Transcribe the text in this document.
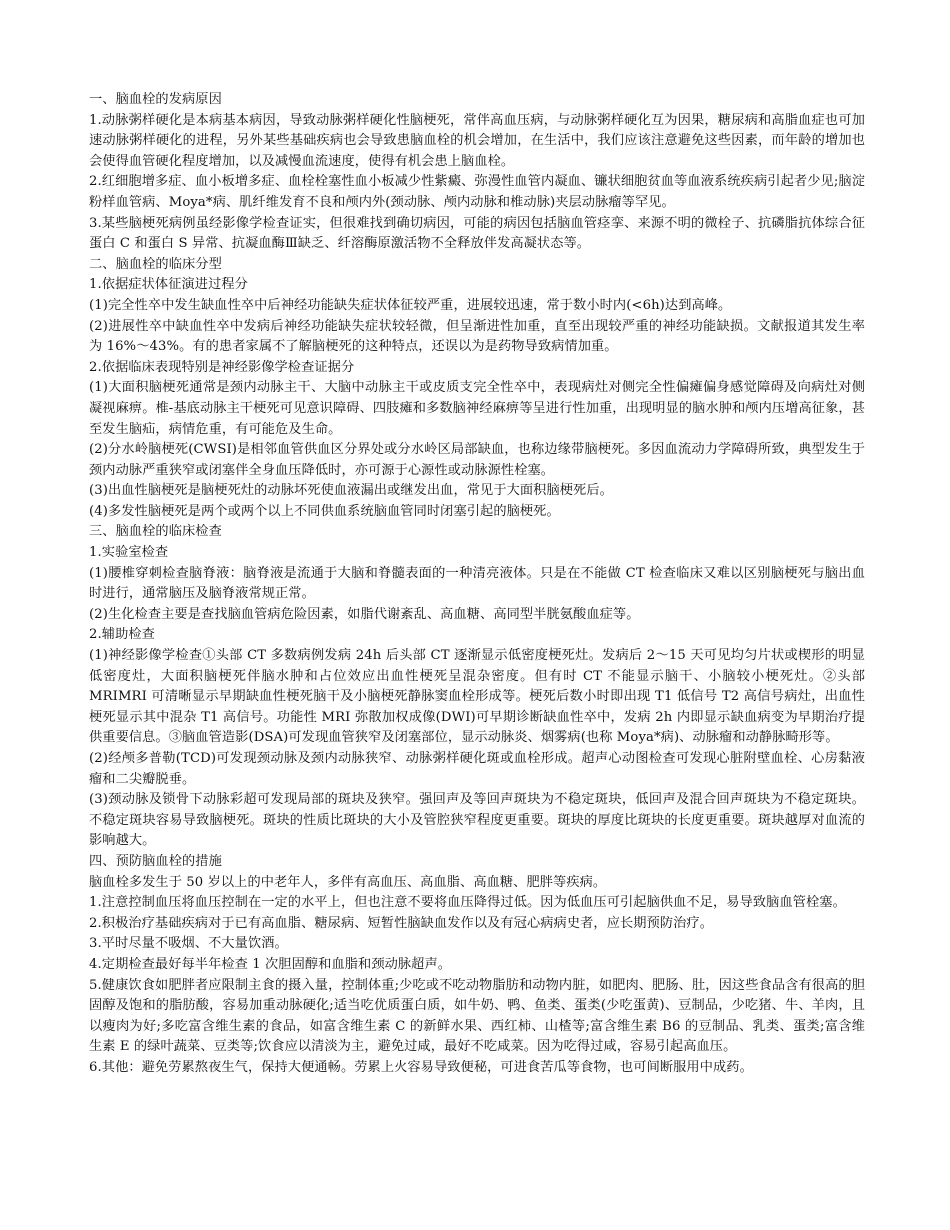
一、脑血栓的发病原因

1.动脉粥样硬化是本病基本病因，导致动脉粥样硬化性脑梗死，常伴高血压病，与动脉粥样硬化互为因果，糖尿病和高脂血症也可加速动脉粥样硬化的进程，另外某些基础疾病也会导致患脑血栓的机会增加，在生活中，我们应该注意避免这些因素，而年龄的增加也会使得血管硬化程度增加，以及减慢血流速度，使得有机会患上脑血栓。

2.红细胞增多症、血小板增多症、血栓栓塞性血小板减少性紫癜、弥漫性血管内凝血、镰状细胞贫血等血液系统疾病引起者少见;脑淀粉样血管病、Moya*病、肌纤维发育不良和颅内外(颈动脉、颅内动脉和椎动脉)夹层动脉瘤等罕见。

3.某些脑梗死病例虽经影像学检查证实，但很难找到确切病因，可能的病因包括脑血管痉挛、来源不明的微栓子、抗磷脂抗体综合征蛋白 C 和蛋白 S 异常、抗凝血酶Ⅲ缺乏、纤溶酶原激活物不全释放伴发高凝状态等。

二、脑血栓的临床分型

1.依据症状体征演进过程分

(1)完全性卒中发生缺血性卒中后神经功能缺失症状体征较严重，进展较迅速，常于数小时内(<6h)达到高峰。

(2)进展性卒中缺血性卒中发病后神经功能缺失症状较轻微，但呈渐进性加重，直至出现较严重的神经功能缺损。文献报道其发生率为 16%～43%。有的患者家属不了解脑梗死的这种特点，还误以为是药物导致病情加重。

2.依据临床表现特别是神经影像学检查证据分

(1)大面积脑梗死通常是颈内动脉主干、大脑中动脉主干或皮质支完全性卒中，表现病灶对侧完全性偏瘫偏身感觉障碍及向病灶对侧凝视麻痹。椎-基底动脉主干梗死可见意识障碍、四肢瘫和多数脑神经麻痹等呈进行性加重，出现明显的脑水肿和颅内压增高征象，甚至发生脑疝，病情危重，有可能危及生命。

(2)分水岭脑梗死(CWSI)是相邻血管供血区分界处或分水岭区局部缺血，也称边缘带脑梗死。多因血流动力学障碍所致，典型发生于颈内动脉严重狭窄或闭塞伴全身血压降低时，亦可源于心源性或动脉源性栓塞。

(3)出血性脑梗死是脑梗死灶的动脉坏死使血液漏出或继发出血，常见于大面积脑梗死后。

(4)多发性脑梗死是两个或两个以上不同供血系统脑血管同时闭塞引起的脑梗死。

三、脑血栓的临床检查

1.实验室检查

(1)腰椎穿刺检查脑脊液：脑脊液是流通于大脑和脊髓表面的一种清亮液体。只是在不能做 CT 检查临床又难以区别脑梗死与脑出血时进行，通常脑压及脑脊液常规正常。

(2)生化检查主要是查找脑血管病危险因素，如脂代谢紊乱、高血糖、高同型半胱氨酸血症等。

2.辅助检查

(1)神经影像学检查①头部 CT 多数病例发病 24h 后头部 CT 逐渐显示低密度梗死灶。发病后 2～15 天可见均匀片状或楔形的明显低密度灶，大面积脑梗死伴脑水肿和占位效应出血性梗死呈混杂密度。但有时 CT 不能显示脑干、小脑较小梗死灶。②头部 MRIMRI 可清晰显示早期缺血性梗死脑干及小脑梗死静脉窦血栓形成等。梗死后数小时即出现 T1 低信号 T2 高信号病灶，出血性梗死显示其中混杂 T1 高信号。功能性 MRI 弥散加权成像(DWI)可早期诊断缺血性卒中，发病 2h 内即显示缺血病变为早期治疗提供重要信息。③脑血管造影(DSA)可发现血管狭窄及闭塞部位，显示动脉炎、烟雾病(也称 Moya*病)、动脉瘤和动静脉畸形等。

(2)经颅多普勒(TCD)可发现颈动脉及颈内动脉狭窄、动脉粥样硬化斑或血栓形成。超声心动图检查可发现心脏附壁血栓、心房黏液瘤和二尖瓣脱垂。

(3)颈动脉及锁骨下动脉彩超可发现局部的斑块及狭窄。强回声及等回声斑块为不稳定斑块，低回声及混合回声斑块为不稳定斑块。不稳定斑块容易导致脑梗死。斑块的性质比斑块的大小及管腔狭窄程度更重要。斑块的厚度比斑块的长度更重要。斑块越厚对血流的影响越大。

四、预防脑血栓的措施

脑血栓多发生于 50 岁以上的中老年人，多伴有高血压、高血脂、高血糖、肥胖等疾病。

1.注意控制血压将血压控制在一定的水平上，但也注意不要将血压降得过低。因为低血压可引起脑供血不足，易导致脑血管栓塞。

2.积极治疗基础疾病对于已有高血脂、糖尿病、短暂性脑缺血发作以及有冠心病病史者，应长期预防治疗。

3.平时尽量不吸烟、不大量饮酒。

4.定期检查最好每半年检查 1 次胆固醇和血脂和颈动脉超声。

5.健康饮食如肥胖者应限制主食的摄入量，控制体重;少吃或不吃动物脂肪和动物内脏，如肥肉、肥肠、肚，因这些食品含有很高的胆固醇及饱和的脂肪酸，容易加重动脉硬化;适当吃优质蛋白质，如牛奶、鸭、鱼类、蛋类(少吃蛋黄)、豆制品，少吃猪、牛、羊肉，且以瘦肉为好;多吃富含维生素的食品，如富含维生素 C 的新鲜水果、西红柿、山楂等;富含维生素 B6 的豆制品、乳类、蛋类;富含维生素 E 的绿叶蔬菜、豆类等;饮食应以清淡为主，避免过咸，最好不吃咸菜。因为吃得过咸，容易引起高血压。

6.其他：避免劳累熬夜生气，保持大便通畅。劳累上火容易导致便秘，可进食苦瓜等食物，也可间断服用中成药。
